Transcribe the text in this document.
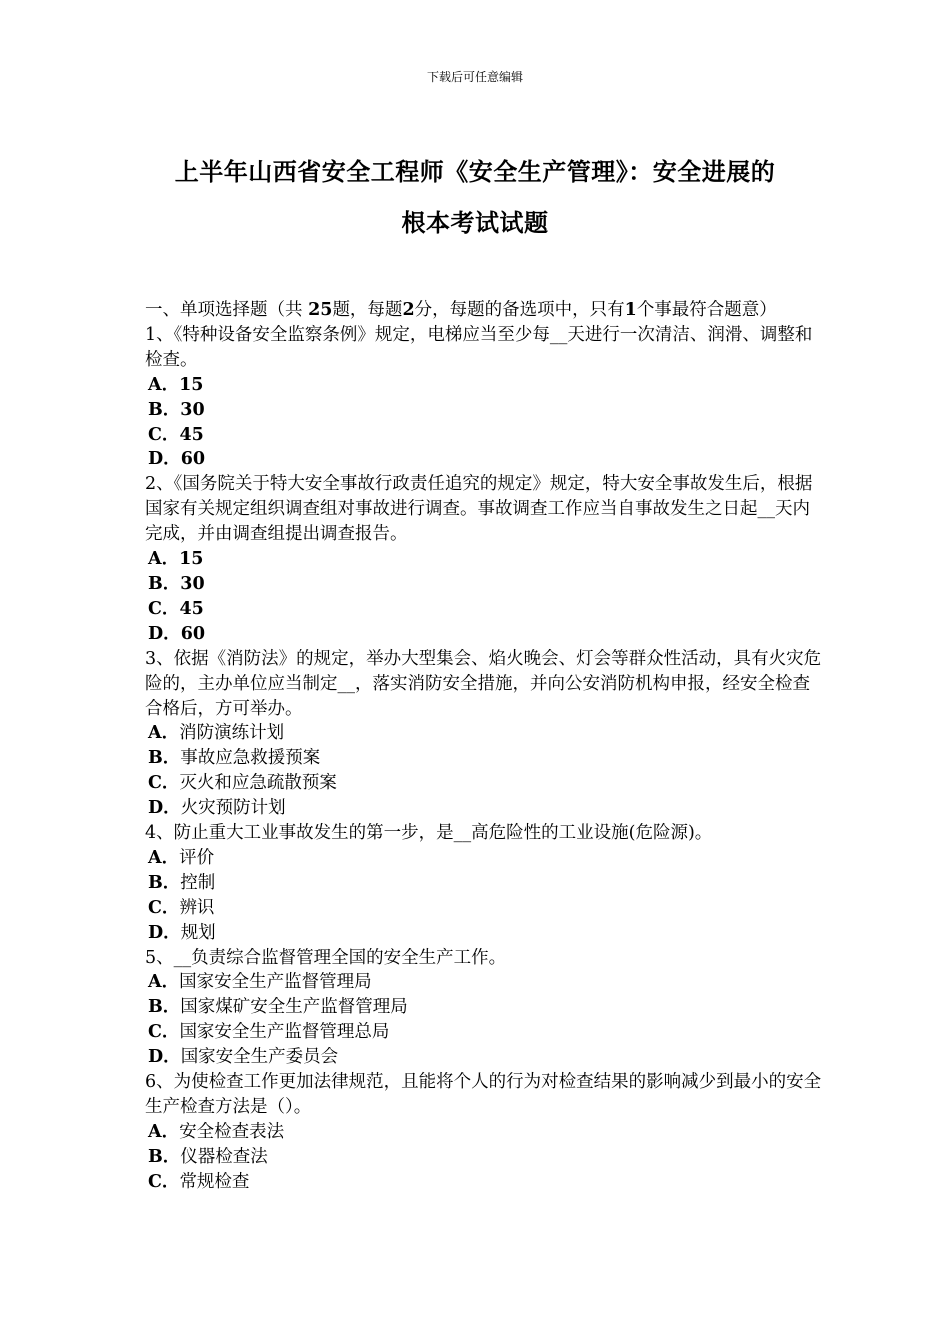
下载后可任意编辑
上半年山西省安全工程师《安全生产管理》：安全进展的
根本考试试题

一、单项选择题（共 25题，每题2分，每题的备选项中，只有1个事最符合题意）

1、《特种设备安全监察条例》规定，电梯应当至少每__天进行一次清洁、润滑、调整和检查。

A．15

B．30

C．45

D．60

2、《国务院关于特大安全事故行政责任追究的规定》规定，特大安全事故发生后，根据国家有关规定组织调查组对事故进行调查。事故调查工作应当自事故发生之日起__天内完成，并由调查组提出调查报告。

A．15

B．30

C．45

D．60

3、依据《消防法》的规定，举办大型集会、焰火晚会、灯会等群众性活动，具有火灾危险的，主办单位应当制定__，落实消防安全措施，并向公安消防机构申报，经安全检查合格后，方可举办。

A．消防演练计划

B．事故应急救援预案

C．灭火和应急疏散预案

D．火灾预防计划

4、防止重大工业事故发生的第一步，是__高危险性的工业设施(危险源)。

A．评价

B．控制

C．辨识

D．规划

5、__负责综合监督管理全国的安全生产工作。

A．国家安全生产监督管理局

B．国家煤矿安全生产监督管理局

C．国家安全生产监督管理总局

D．国家安全生产委员会

6、为使检查工作更加法律规范，且能将个人的行为对检查结果的影响减少到最小的安全生产检查方法是（）。

A．安全检查表法

B．仪器检查法

C．常规检查
